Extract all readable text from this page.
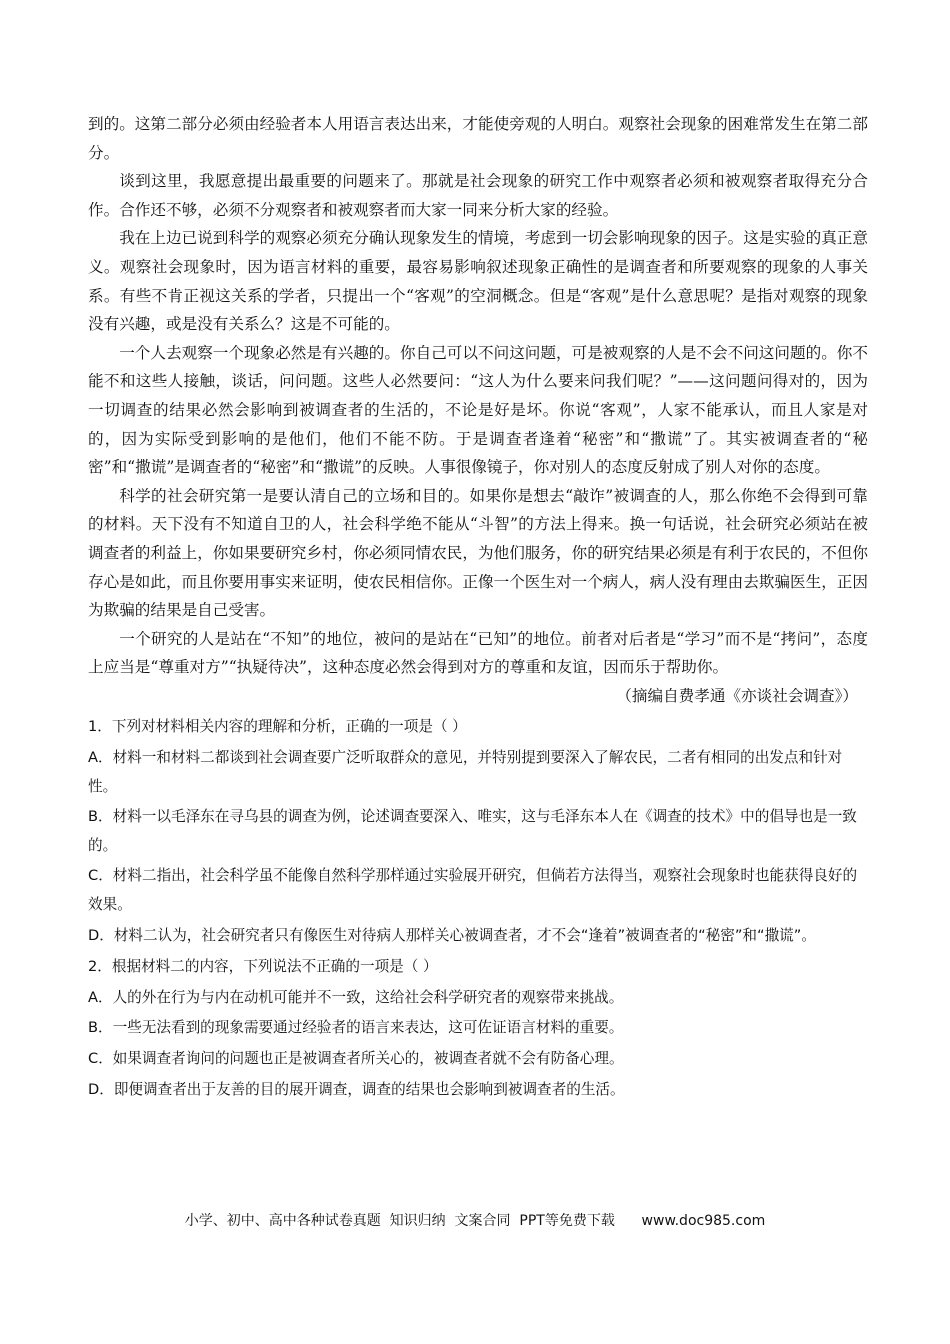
到的。这第二部分必须由经验者本人用语言表达出来，才能使旁观的人明白。观察社会现象的困难常发生在第二部分。

谈到这里，我愿意提出最重要的问题来了。那就是社会现象的研究工作中观察者必须和被观察者取得充分合作。合作还不够，必须不分观察者和被观察者而大家一同来分析大家的经验。

我在上边已说到科学的观察必须充分确认现象发生的情境，考虑到一切会影响现象的因子。这是实验的真正意义。观察社会现象时，因为语言材料的重要，最容易影响叙述现象正确性的是调查者和所要观察的现象的人事关系。有些不肯正视这关系的学者，只提出一个“客观”的空洞概念。但是“客观”是什么意思呢？是指对观察的现象没有兴趣，或是没有关系么？这是不可能的。

一个人去观察一个现象必然是有兴趣的。你自己可以不问这问题，可是被观察的人是不会不问这问题的。你不能不和这些人接触，谈话，问问题。这些人必然要问：“这人为什么要来问我们呢？”——这问题问得对的，因为一切调查的结果必然会影响到被调查者的生活的，不论是好是坏。你说“客观”，人家不能承认，而且人家是对的，因为实际受到影响的是他们，他们不能不防。于是调查者逢着“秘密”和“撒谎”了。其实被调查者的“秘密”和“撒谎”是调查者的“秘密”和“撒谎”的反映。人事很像镜子，你对别人的态度反射成了别人对你的态度。

科学的社会研究第一是要认清自己的立场和目的。如果你是想去“敲诈”被调查的人，那么你绝不会得到可靠的材料。天下没有不知道自卫的人，社会科学绝不能从“斗智”的方法上得来。换一句话说，社会研究必须站在被调查者的利益上，你如果要研究乡村，你必须同情农民，为他们服务，你的研究结果必须是有利于农民的，不但你存心是如此，而且你要用事实来证明，使农民相信你。正像一个医生对一个病人，病人没有理由去欺骗医生，正因为欺骗的结果是自己受害。

一个研究的人是站在“不知”的地位，被问的是站在“已知”的地位。前者对后者是“学习”而不是“拷问”，态度上应当是“尊重对方”“执疑待决”，这种态度必然会得到对方的尊重和友谊，因而乐于帮助你。

（摘编自费孝通《亦谈社会调查》）

1．下列对材料相关内容的理解和分析，正确的一项是（ ）

A．材料一和材料二都谈到社会调查要广泛听取群众的意见，并特别提到要深入了解农民，二者有相同的出发点和针对性。

B．材料一以毛泽东在寻乌县的调查为例，论述调查要深入、唯实，这与毛泽东本人在《调查的技术》中的倡导也是一致的。

C．材料二指出，社会科学虽不能像自然科学那样通过实验展开研究，但倘若方法得当，观察社会现象时也能获得良好的效果。

D．材料二认为，社会研究者只有像医生对待病人那样关心被调查者，才不会“逢着”被调查者的“秘密”和“撒谎”。

2．根据材料二的内容，下列说法不正确的一项是（ ）

A．人的外在行为与内在动机可能并不一致，这给社会科学研究者的观察带来挑战。

B．一些无法看到的现象需要通过经验者的语言来表达，这可佐证语言材料的重要。

C．如果调查者询问的问题也正是被调查者所关心的，被调查者就不会有防备心理。

D．即便调查者出于友善的目的展开调查，调查的结果也会影响到被调查者的生活。

小学、初中、高中各种试卷真题  知识归纳  文案合同  PPT等免费下载      www.doc985.com
